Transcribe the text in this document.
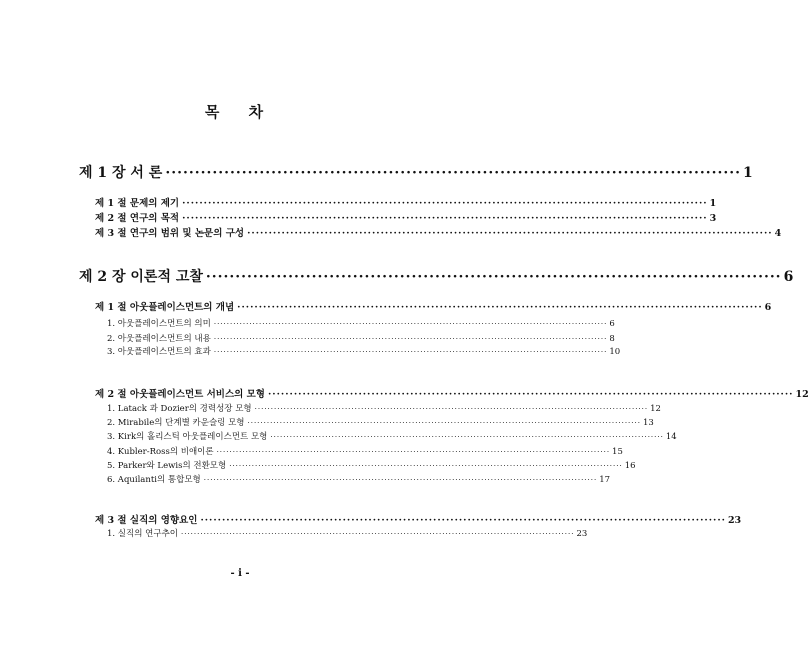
목 차
제 1 장 서 론 ·································································································· 1
제 1 절 문제의 제기 ·························································································································· 1
제 2 절 연구의 목적 ·························································································································· 3
제 3 절 연구의 범위 및 논문의 구성 ·························································································································· 4
제 2 장 이론적 고찰 ·································································································· 6
제 1 절 아웃플레이스먼트의 개념 ·························································································································· 6
1. 아웃플레이스먼트의 의미 ·························································································································· 6
2. 아웃플레이스먼트의 내용 ·························································································································· 8
3. 아웃플레이스먼트의 효과 ·························································································································· 10
제 2 절 아웃플레이스먼트 서비스의 모형 ·························································································································· 12
1. Latack 과 Dozier의 경력성장 모형 ·························································································································· 12
2. Mirabile의 단계별 카운슬링 모형 ·························································································································· 13
3. Kirk의 홀리스틱 아웃플레이스먼트 모형 ·························································································································· 14
4. Kubler-Ross의 비애이론 ·························································································································· 15
5. Parker와 Lewis의 전환모형 ·························································································································· 16
6. Aquilanti의 통합모형 ·························································································································· 17
제 3 절 실직의 영향요인 ·························································································································· 23
1. 실직의 연구추이 ·························································································································· 23
- i -
